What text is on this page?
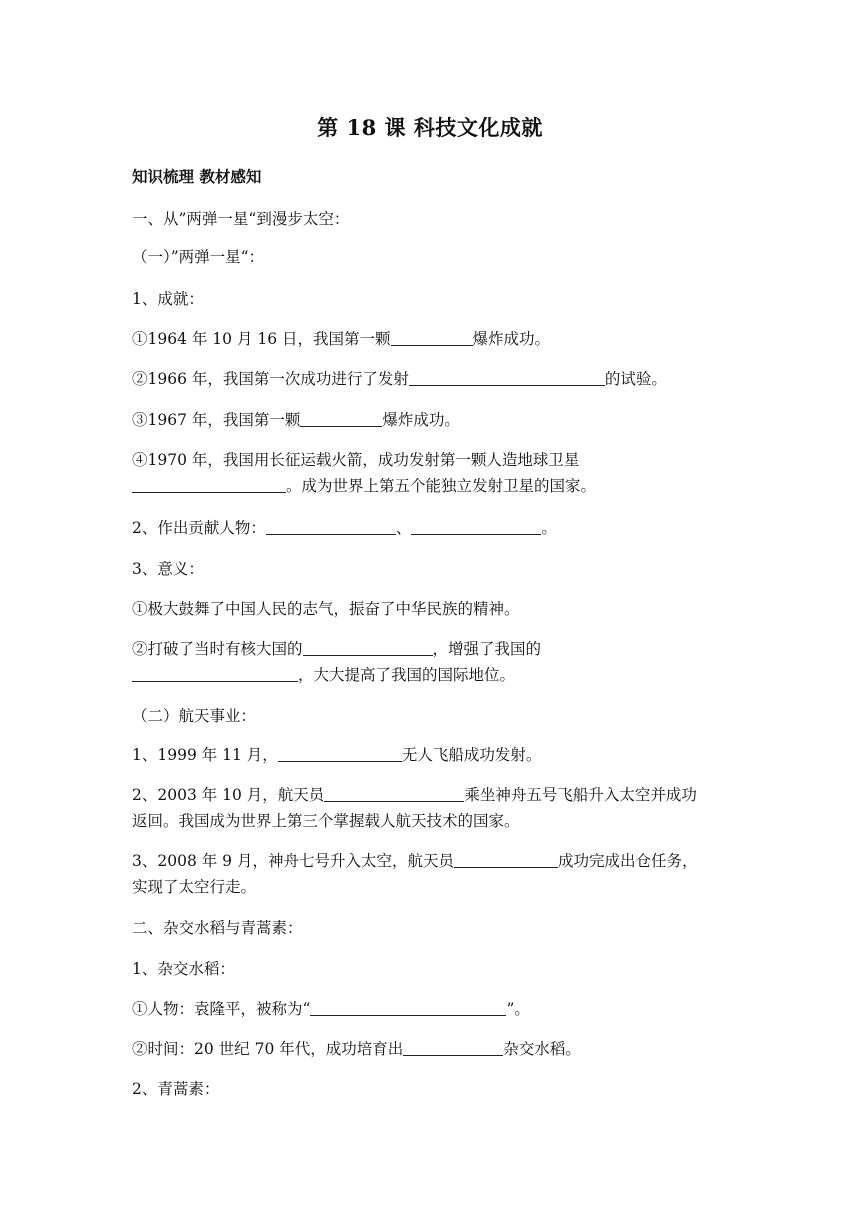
第 18 课 科技文化成就
知识梳理 教材感知
一、从”两弹一星“到漫步太空：
（一）”两弹一星“：
1、成就：
①1964 年 10 月 16 日，我国第一颗	爆炸成功。
②1966 年，我国第一次成功进行了发射	的试验。
③1967 年，我国第一颗	爆炸成功。
④1970 年，我国用长征运载火箭，成功发射第一颗人造地球卫星
。成为世界上第五个能独立发射卫星的国家。
2、作出贡献人物：	、	。
3、意义：
①极大鼓舞了中国人民的志气，振奋了中华民族的精神。
②打破了当时有核大国的	，增强了我国的
，大大提高了我国的国际地位。
（二）航天事业：
1、1999 年 11 月，	无人飞船成功发射。
2、2003 年 10 月，航天员	乘坐神舟五号飞船升入太空并成功
返回。我国成为世界上第三个掌握载人航天技术的国家。
3、2008 年 9 月，神舟七号升入太空，航天员	成功完成出仓任务，
实现了太空行走。
二、杂交水稻与青蒿素：
1、杂交水稻：
①人物：袁隆平，被称为“	”。
②时间：20 世纪 70 年代，成功培育出	杂交水稻。
2、青蒿素：
